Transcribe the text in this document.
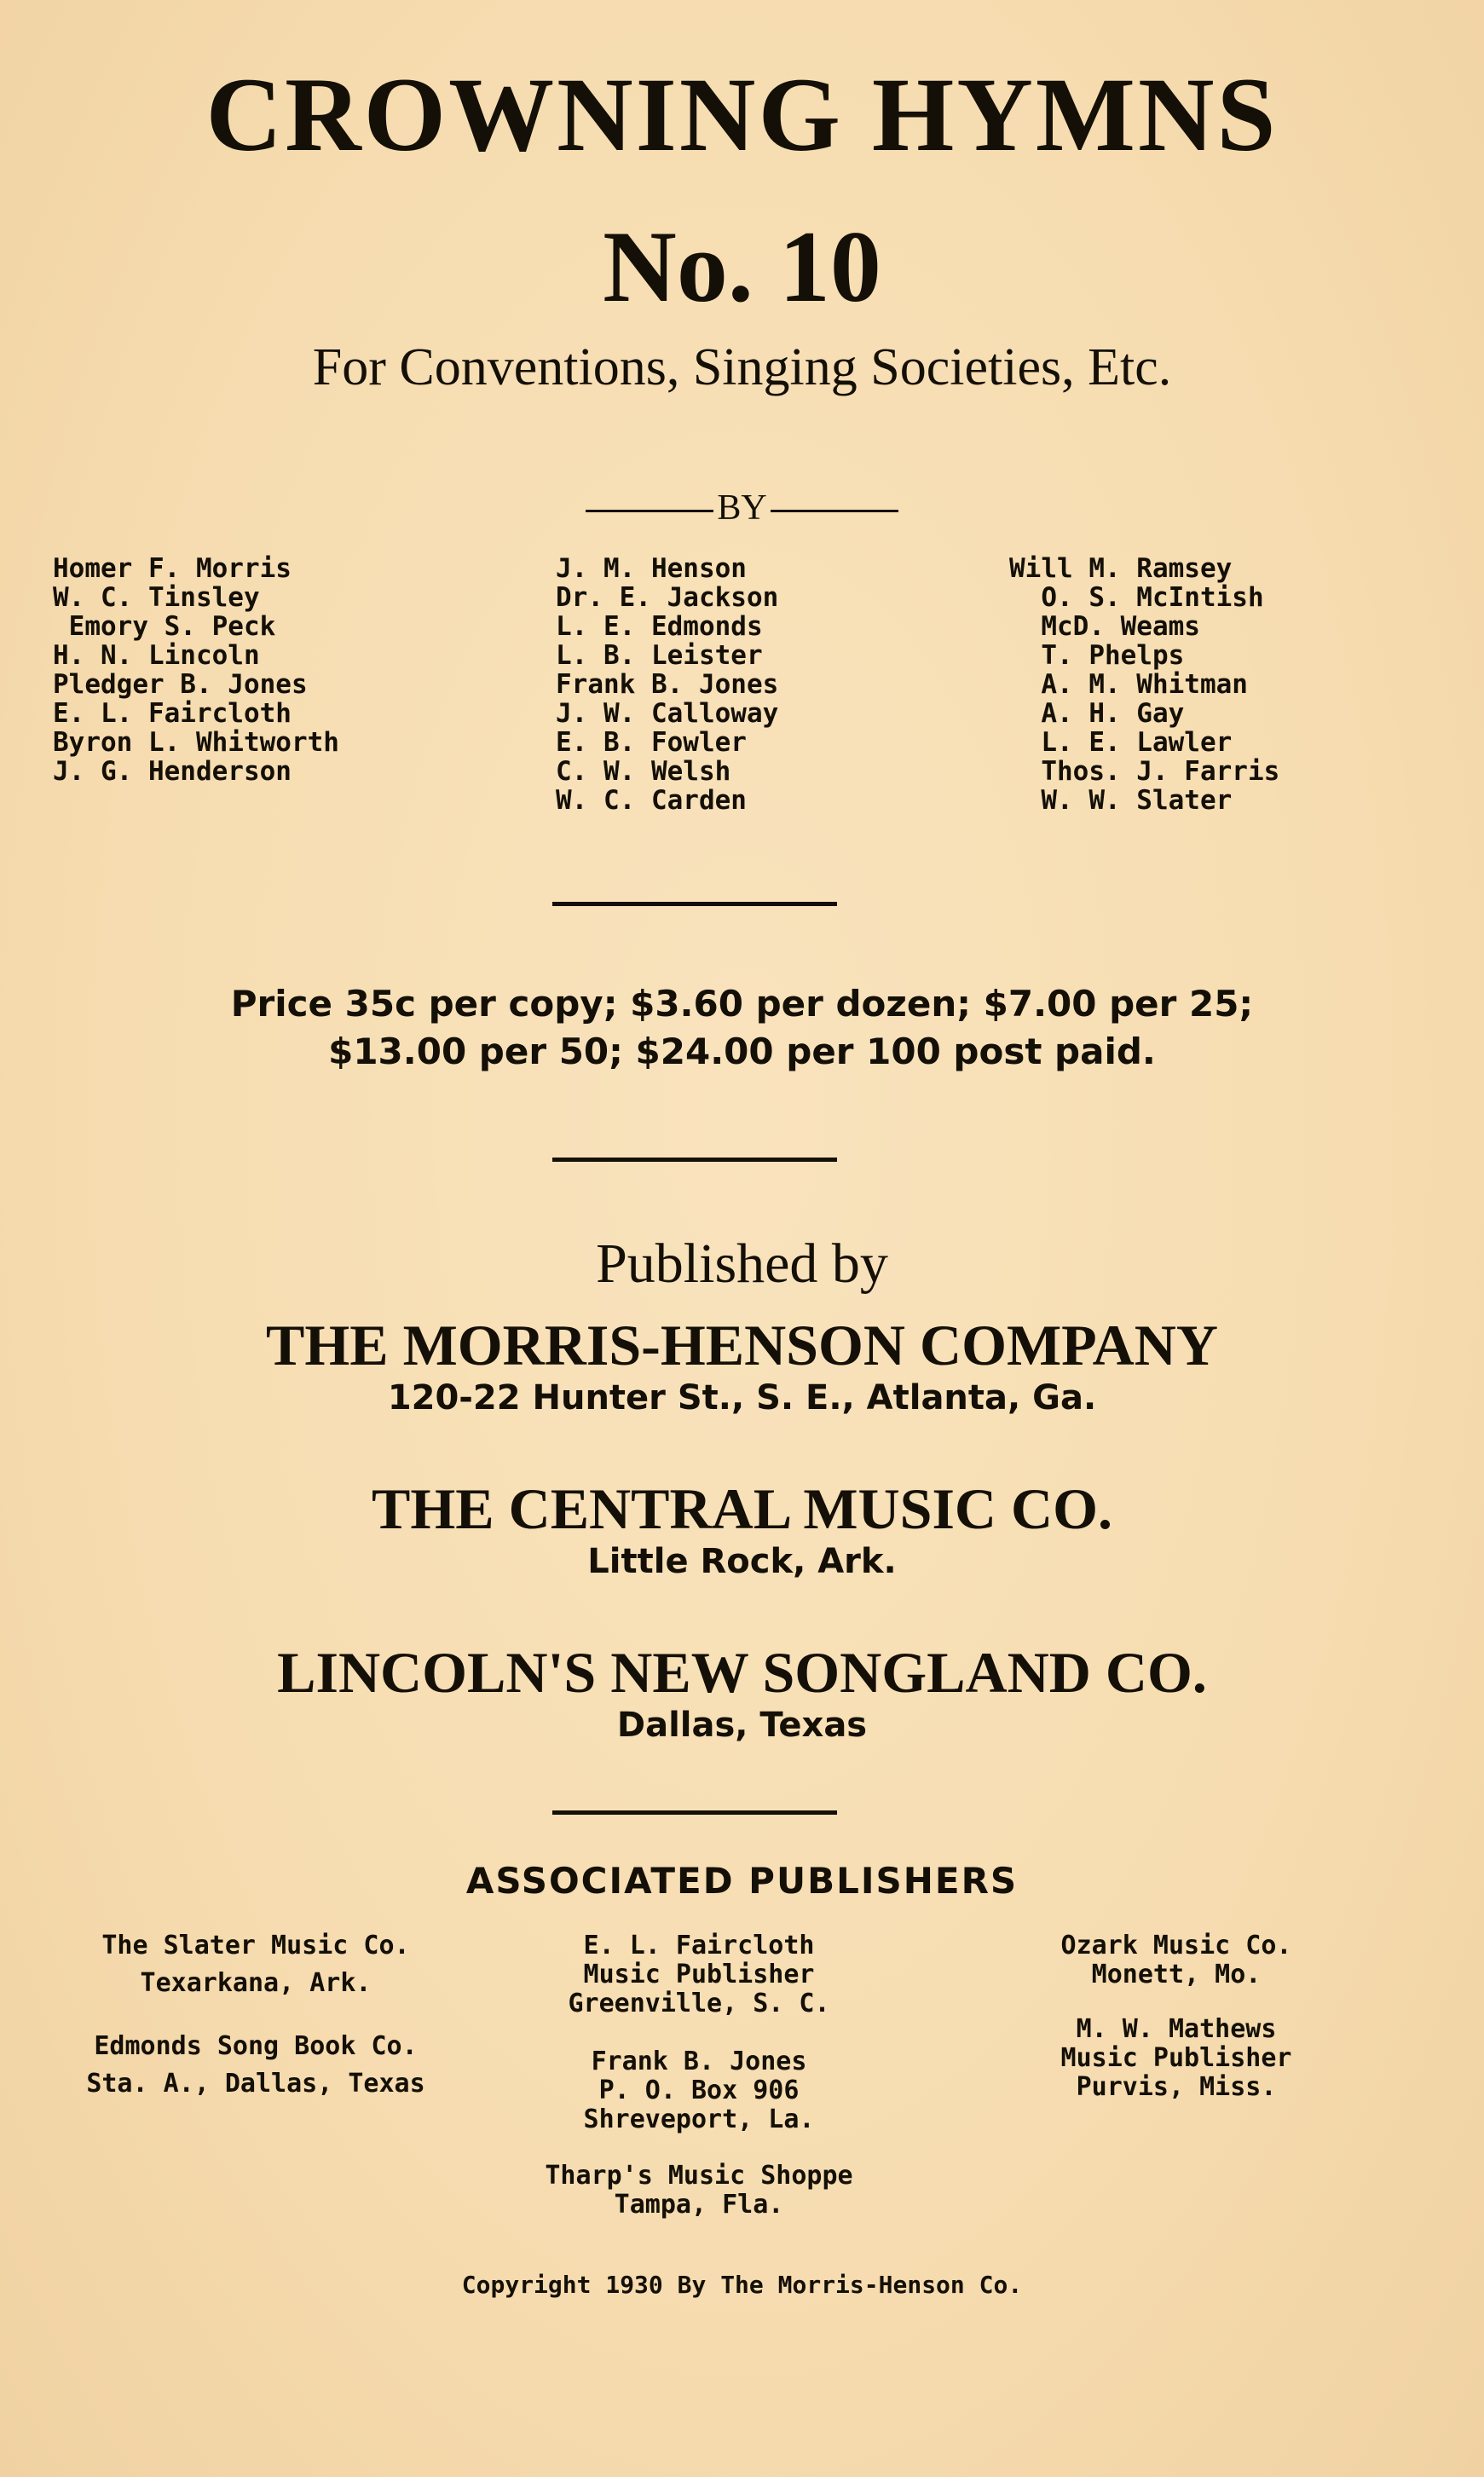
CROWNING HYMNS
No. 10
For Conventions, Singing Societies, Etc.
BY
Homer F. Morris
W. C. Tinsley
Emory S. Peck
H. N. Lincoln
Pledger B. Jones
E. L. Faircloth
Byron L. Whitworth
J. G. Henderson
J. M. Henson
Dr. E. Jackson
L. E. Edmonds
L. B. Leister
Frank B. Jones
J. W. Calloway
E. B. Fowler
C. W. Welsh
W. C. Carden
Will M. Ramsey
O. S. McIntish
McD. Weams
T. Phelps
A. M. Whitman
A. H. Gay
L. E. Lawler
Thos. J. Farris
W. W. Slater
Price 35c per copy; $3.60 per dozen; $7.00 per 25;
$13.00 per 50; $24.00 per 100 post paid.
Published by
THE MORRIS-HENSON COMPANY
120-22 Hunter St., S. E., Atlanta, Ga.
THE CENTRAL MUSIC CO.
Little Rock, Ark.
LINCOLN'S NEW SONGLAND CO.
Dallas, Texas
ASSOCIATED PUBLISHERS
The Slater Music Co.
Texarkana, Ark.
Edmonds Song Book Co.
Sta. A., Dallas, Texas
E. L. Faircloth
Music Publisher
Greenville, S. C.
Frank B. Jones
P. O. Box 906
Shreveport, La.
Ozark Music Co.
Monett, Mo.
M. W. Mathews
Music Publisher
Purvis, Miss.
Tharp's Music Shoppe
Tampa, Fla.
Copyright 1930 By The Morris-Henson Co.
